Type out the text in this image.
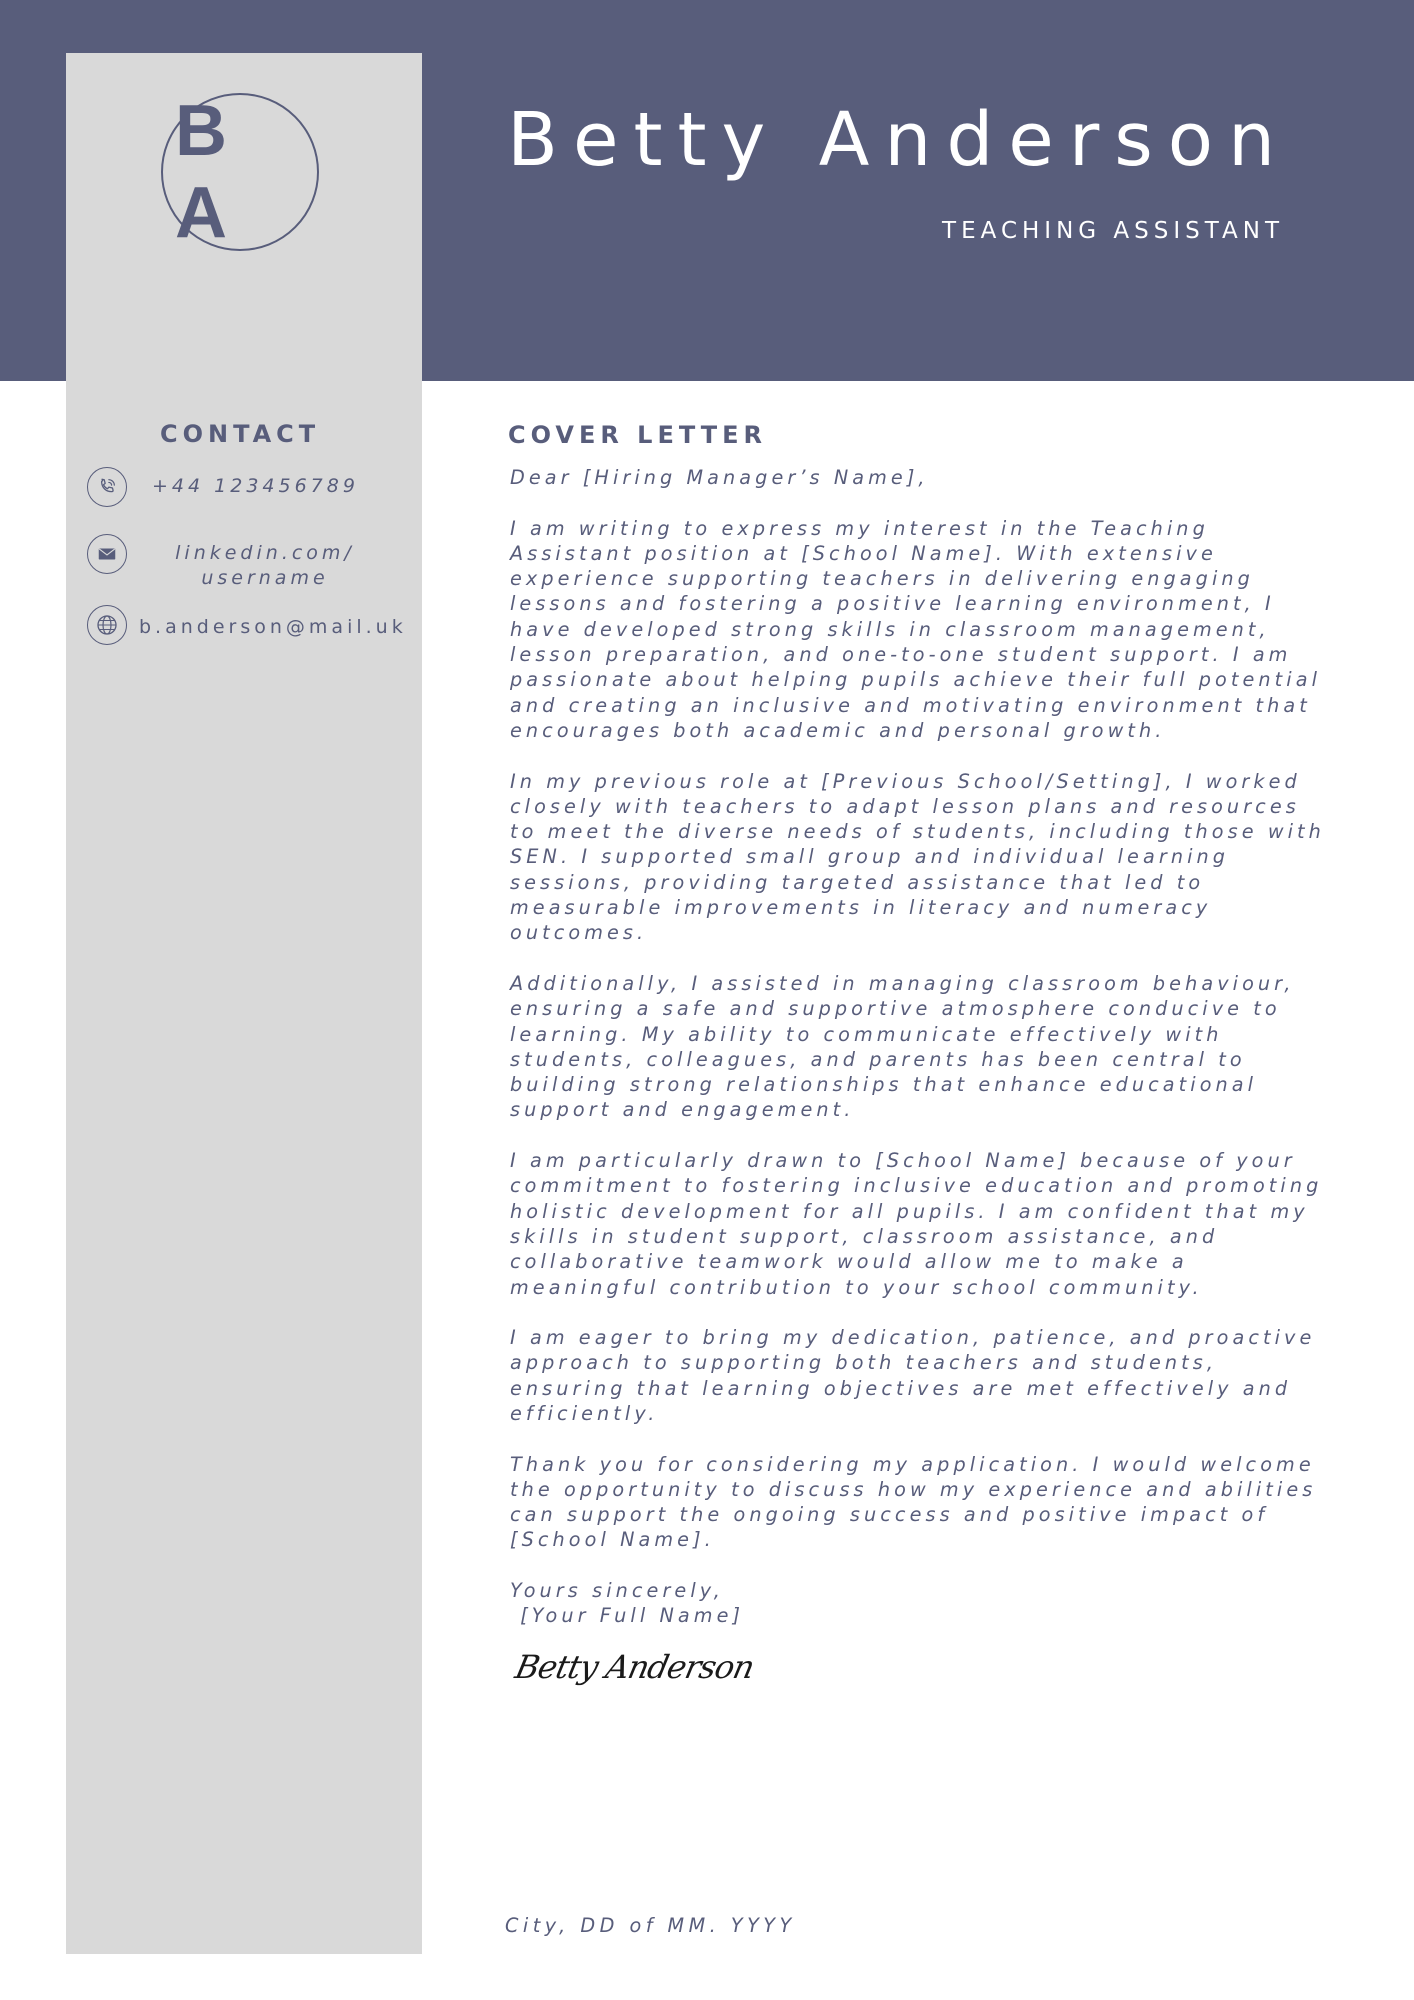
B A
Betty Anderson
TEACHING ASSISTANT
CONTACT
+44 123456789
linkedin.com/
username
b.anderson@mail.uk
COVER LETTER
Dear [Hiring Manager’s Name],
I am writing to express my interest in the Teaching
Assistant position at [School Name]. With extensive
experience supporting teachers in delivering engaging
lessons and fostering a positive learning environment, I
have developed strong skills in classroom management,
lesson preparation, and one-to-one student support. I am
passionate about helping pupils achieve their full potential
and creating an inclusive and motivating environment that
encourages both academic and personal growth.
In my previous role at [Previous School/Setting], I worked
closely with teachers to adapt lesson plans and resources
to meet the diverse needs of students, including those with
SEN. I supported small group and individual learning
sessions, providing targeted assistance that led to
measurable improvements in literacy and numeracy
outcomes.
Additionally, I assisted in managing classroom behaviour,
ensuring a safe and supportive atmosphere conducive to
learning. My ability to communicate effectively with
students, colleagues, and parents has been central to
building strong relationships that enhance educational
support and engagement.
I am particularly drawn to [School Name] because of your
commitment to fostering inclusive education and promoting
holistic development for all pupils. I am confident that my
skills in student support, classroom assistance, and
collaborative teamwork would allow me to make a
meaningful contribution to your school community.
I am eager to bring my dedication, patience, and proactive
approach to supporting both teachers and students,
ensuring that learning objectives are met effectively and
efficiently.
Thank you for considering my application. I would welcome
the opportunity to discuss how my experience and abilities
can support the ongoing success and positive impact of
[School Name].
Yours sincerely,
[Your Full Name]
Betty Anderson
City, DD of MM. YYYY
